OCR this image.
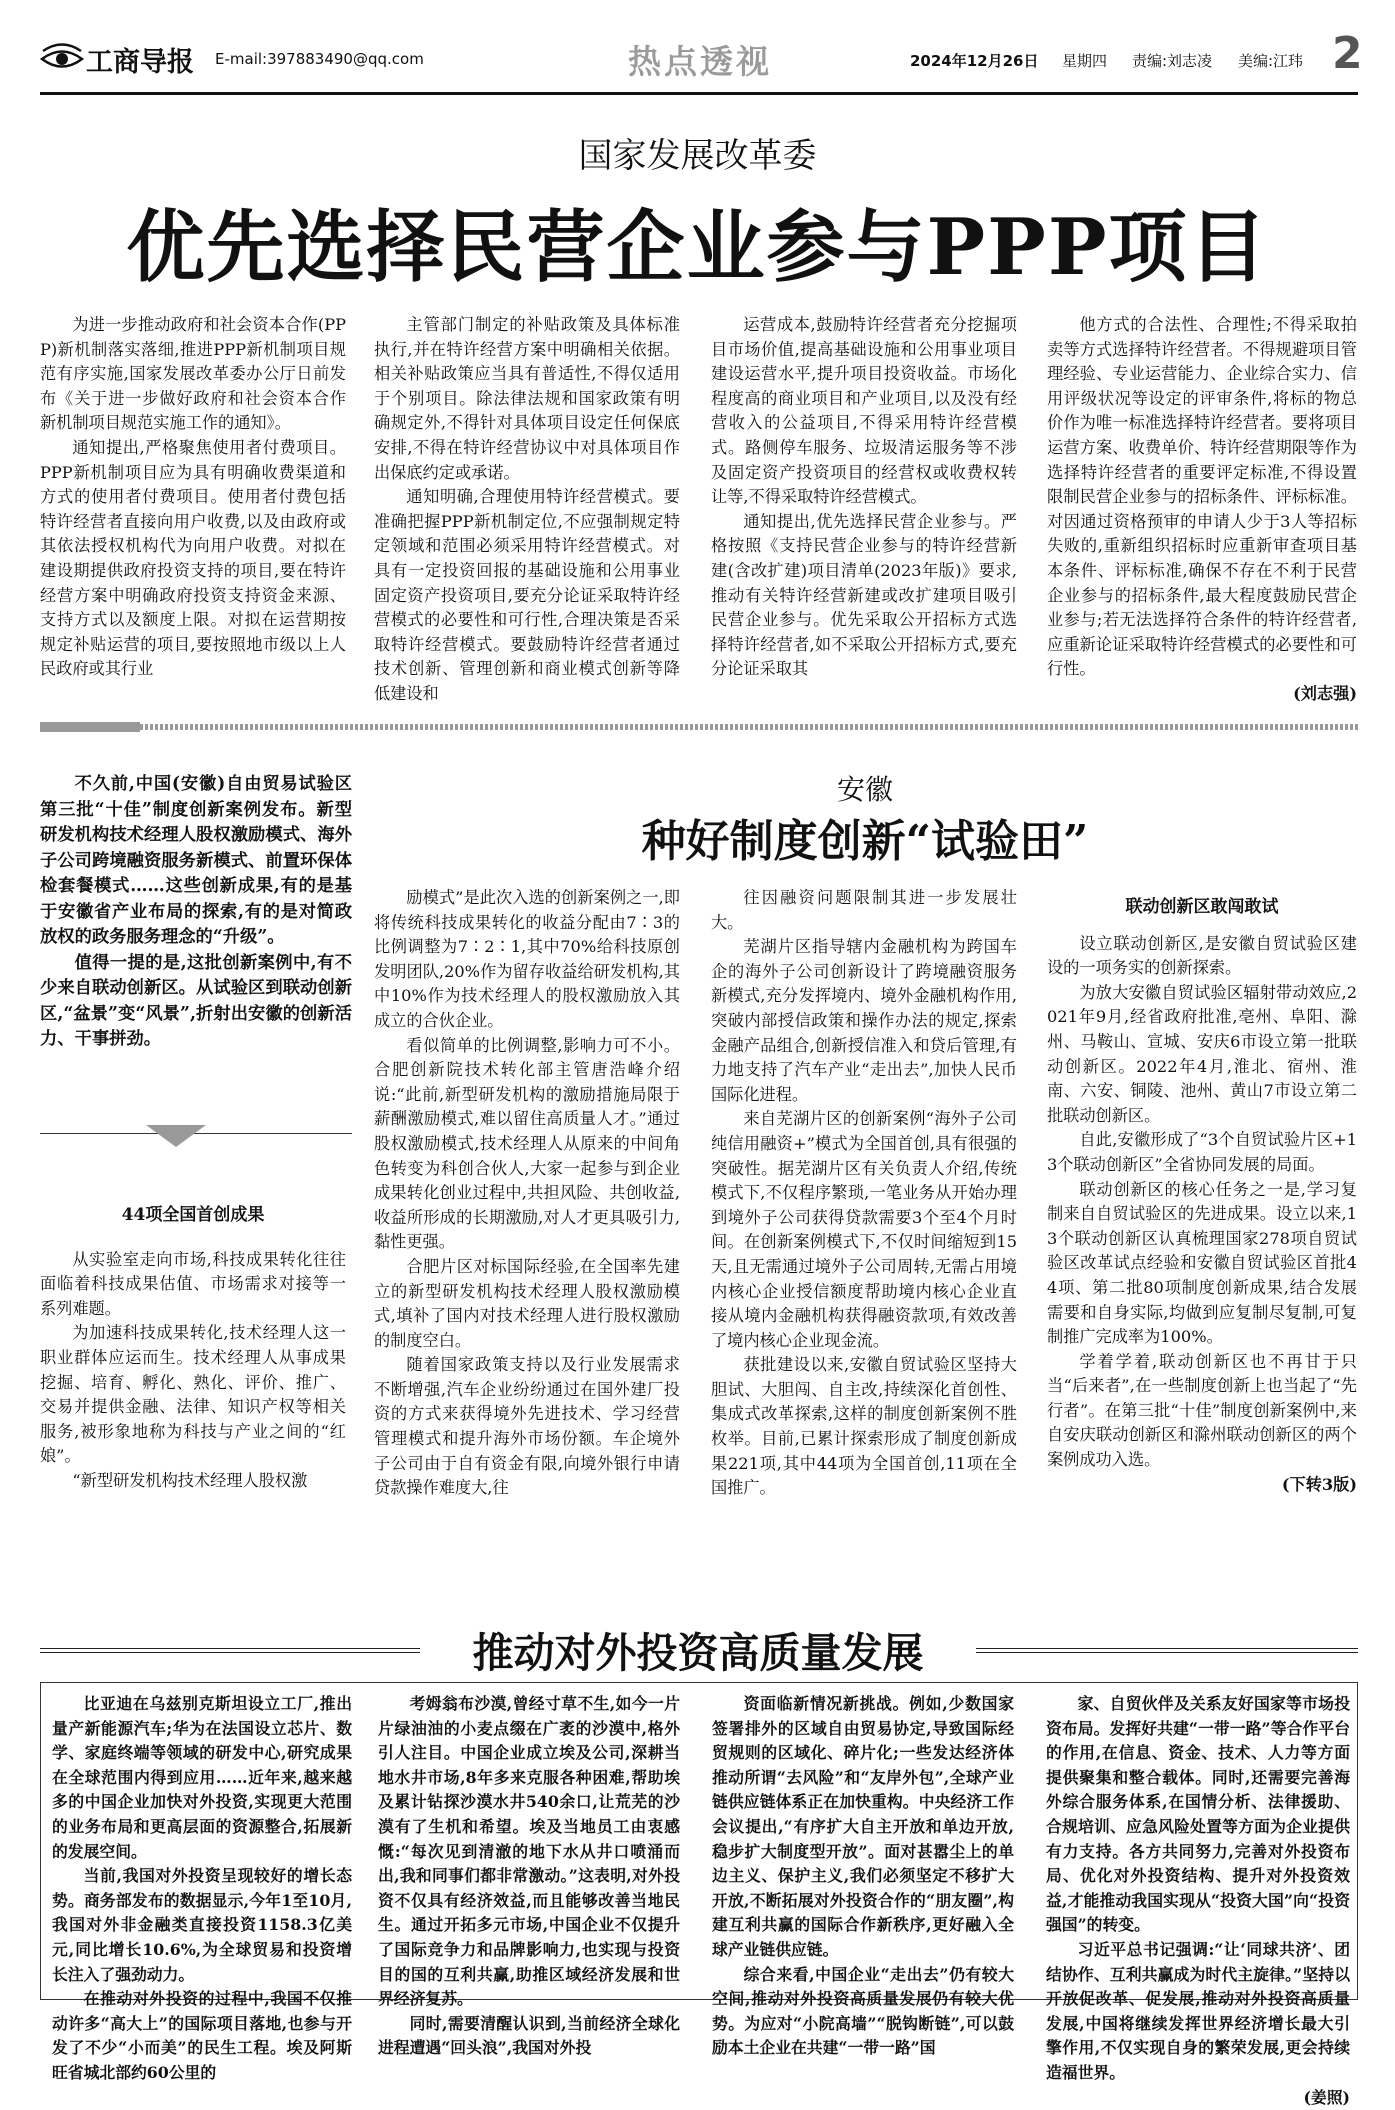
工商导报 E-mail:397883490@qq.com	热点透视	2024年12月26日 星期四 责编:刘志凌 美编:江玮 2
国家发展改革委
优先选择民营企业参与PPP项目

为进一步推动政府和社会资本合作(PPP)新机制落实落细,推进PPP新机制项目规范有序实施,国家发展改革委办公厅日前发布《关于进一步做好政府和社会资本合作新机制项目规范实施工作的通知》。

通知提出,严格聚焦使用者付费项目。PPP新机制项目应为具有明确收费渠道和方式的使用者付费项目。使用者付费包括特许经营者直接向用户收费,以及由政府或其依法授权机构代为向用户收费。对拟在建设期提供政府投资支持的项目,要在特许经营方案中明确政府投资支持资金来源、支持方式以及额度上限。对拟在运营期按规定补贴运营的项目,要按照地市级以上人民政府或其行业

主管部门制定的补贴政策及具体标准执行,并在特许经营方案中明确相关依据。相关补贴政策应当具有普适性,不得仅适用于个别项目。除法律法规和国家政策有明确规定外,不得针对具体项目设定任何保底安排,不得在特许经营协议中对具体项目作出保底约定或承诺。

通知明确,合理使用特许经营模式。要准确把握PPP新机制定位,不应强制规定特定领域和范围必须采用特许经营模式。对具有一定投资回报的基础设施和公用事业固定资产投资项目,要充分论证采取特许经营模式的必要性和可行性,合理决策是否采取特许经营模式。要鼓励特许经营者通过技术创新、管理创新和商业模式创新等降低建设和

运营成本,鼓励特许经营者充分挖掘项目市场价值,提高基础设施和公用事业项目建设运营水平,提升项目投资收益。市场化程度高的商业项目和产业项目,以及没有经营收入的公益项目,不得采用特许经营模式。路侧停车服务、垃圾清运服务等不涉及固定资产投资项目的经营权或收费权转让等,不得采取特许经营模式。

通知提出,优先选择民营企业参与。严格按照《支持民营企业参与的特许经营新建(含改扩建)项目清单(2023年版)》要求,推动有关特许经营新建或改扩建项目吸引民营企业参与。优先采取公开招标方式选择特许经营者,如不采取公开招标方式,要充分论证采取其

他方式的合法性、合理性;不得采取拍卖等方式选择特许经营者。不得规避项目管理经验、专业运营能力、企业综合实力、信用评级状况等设定的评审条件,将标的物总价作为唯一标准选择特许经营者。要将项目运营方案、收费单价、特许经营期限等作为选择特许经营者的重要评定标准,不得设置限制民营企业参与的招标条件、评标标准。对因通过资格预审的申请人少于3人等招标失败的,重新组织招标时应重新审查项目基本条件、评标标准,确保不存在不利于民营企业参与的招标条件,最大程度鼓励民营企业参与;若无法选择符合条件的特许经营者,应重新论证采取特许经营模式的必要性和可行性。

(刘志强)

不久前,中国(安徽)自由贸易试验区第三批“十佳”制度创新案例发布。新型研发机构技术经理人股权激励模式、海外子公司跨境融资服务新模式、前置环保体检套餐模式……这些创新成果,有的是基于安徽省产业布局的探索,有的是对简政放权的政务服务理念的“升级”。

值得一提的是,这批创新案例中,有不少来自联动创新区。从试验区到联动创新区,“盆景”变“风景”,折射出安徽的创新活力、干事拼劲。

安徽
种好制度创新“试验田”
44项全国首创成果

从实验室走向市场,科技成果转化往往面临着科技成果估值、市场需求对接等一系列难题。

为加速科技成果转化,技术经理人这一职业群体应运而生。技术经理人从事成果挖掘、培育、孵化、熟化、评价、推广、交易并提供金融、法律、知识产权等相关服务,被形象地称为科技与产业之间的“红娘”。

“新型研发机构技术经理人股权激

励模式”是此次入选的创新案例之一,即将传统科技成果转化的收益分配由7∶3的比例调整为7∶2∶1,其中70%给科技原创发明团队,20%作为留存收益给研发机构,其中10%作为技术经理人的股权激励放入其成立的合伙企业。

看似简单的比例调整,影响力可不小。合肥创新院技术转化部主管唐浩峰介绍说:“此前,新型研发机构的激励措施局限于薪酬激励模式,难以留住高质量人才。”通过股权激励模式,技术经理人从原来的中间角色转变为科创合伙人,大家一起参与到企业成果转化创业过程中,共担风险、共创收益,收益所形成的长期激励,对人才更具吸引力,黏性更强。

合肥片区对标国际经验,在全国率先建立的新型研发机构技术经理人股权激励模式,填补了国内对技术经理人进行股权激励的制度空白。

随着国家政策支持以及行业发展需求不断增强,汽车企业纷纷通过在国外建厂投资的方式来获得境外先进技术、学习经营管理模式和提升海外市场份额。车企境外子公司由于自有资金有限,向境外银行申请贷款操作难度大,往

往因融资问题限制其进一步发展壮大。

芜湖片区指导辖内金融机构为跨国车企的海外子公司创新设计了跨境融资服务新模式,充分发挥境内、境外金融机构作用,突破内部授信政策和操作办法的规定,探索金融产品组合,创新授信准入和贷后管理,有力地支持了汽车产业“走出去”,加快人民币国际化进程。

来自芜湖片区的创新案例“海外子公司纯信用融资+”模式为全国首创,具有很强的突破性。据芜湖片区有关负责人介绍,传统模式下,不仅程序繁琐,一笔业务从开始办理到境外子公司获得贷款需要3个至4个月时间。在创新案例模式下,不仅时间缩短到15天,且无需通过境外子公司周转,无需占用境内核心企业授信额度帮助境内核心企业直接从境内金融机构获得融资款项,有效改善了境内核心企业现金流。

获批建设以来,安徽自贸试验区坚持大胆试、大胆闯、自主改,持续深化首创性、集成式改革探索,这样的制度创新案例不胜枚举。目前,已累计探索形成了制度创新成果221项,其中44项为全国首创,11项在全国推广。

联动创新区敢闯敢试

设立联动创新区,是安徽自贸试验区建设的一项务实的创新探索。

为放大安徽自贸试验区辐射带动效应,2021年9月,经省政府批准,亳州、阜阳、滁州、马鞍山、宣城、安庆6市设立第一批联动创新区。2022年4月,淮北、宿州、淮南、六安、铜陵、池州、黄山7市设立第二批联动创新区。

自此,安徽形成了“3个自贸试验片区+13个联动创新区”全省协同发展的局面。

联动创新区的核心任务之一是,学习复制来自自贸试验区的先进成果。设立以来,13个联动创新区认真梳理国家278项自贸试验区改革试点经验和安徽自贸试验区首批44项、第二批80项制度创新成果,结合发展需要和自身实际,均做到应复制尽复制,可复制推广完成率为100%。

学着学着,联动创新区也不再甘于只当“后来者”,在一些制度创新上也当起了“先行者”。在第三批“十佳”制度创新案例中,来自安庆联动创新区和滁州联动创新区的两个案例成功入选。

(下转3版)

推动对外投资高质量发展

比亚迪在乌兹别克斯坦设立工厂,推出量产新能源汽车;华为在法国设立芯片、数学、家庭终端等领域的研发中心,研究成果在全球范围内得到应用……近年来,越来越多的中国企业加快对外投资,实现更大范围的业务布局和更高层面的资源整合,拓展新的发展空间。

当前,我国对外投资呈现较好的增长态势。商务部发布的数据显示,今年1至10月,我国对外非金融类直接投资1158.3亿美元,同比增长10.6%,为全球贸易和投资增长注入了强劲动力。

在推动对外投资的过程中,我国不仅推动许多“高大上”的国际项目落地,也参与开发了不少“小而美”的民生工程。埃及阿斯旺省城北部约60公里的

考姆翁布沙漠,曾经寸草不生,如今一片片绿油油的小麦点缀在广袤的沙漠中,格外引人注目。中国企业成立埃及公司,深耕当地水井市场,8年多来克服各种困难,帮助埃及累计钻探沙漠水井540余口,让荒芜的沙漠有了生机和希望。埃及当地员工由衷感慨:“每次见到清澈的地下水从井口喷涌而出,我和同事们都非常激动。”这表明,对外投资不仅具有经济效益,而且能够改善当地民生。通过开拓多元市场,中国企业不仅提升了国际竞争力和品牌影响力,也实现与投资目的国的互利共赢,助推区域经济发展和世界经济复苏。

同时,需要清醒认识到,当前经济全球化进程遭遇“回头浪”,我国对外投

资面临新情况新挑战。例如,少数国家签署排外的区域自由贸易协定,导致国际经贸规则的区域化、碎片化;一些发达经济体推动所谓“去风险”和“友岸外包”,全球产业链供应链体系正在加快重构。中央经济工作会议提出,“有序扩大自主开放和单边开放,稳步扩大制度型开放”。面对甚嚣尘上的单边主义、保护主义,我们必须坚定不移扩大开放,不断拓展对外投资合作的“朋友圈”,构建互利共赢的国际合作新秩序,更好融入全球产业链供应链。

综合来看,中国企业“走出去”仍有较大空间,推动对外投资高质量发展仍有较大优势。为应对“小院高墙”“脱钩断链”,可以鼓励本土企业在共建“一带一路”国

家、自贸伙伴及关系友好国家等市场投资布局。发挥好共建“一带一路”等合作平台的作用,在信息、资金、技术、人力等方面提供聚集和整合载体。同时,还需要完善海外综合服务体系,在国情分析、法律援助、合规培训、应急风险处置等方面为企业提供有力支持。各方共同努力,完善对外投资布局、优化对外投资结构、提升对外投资效益,才能推动我国实现从“投资大国”向“投资强国”的转变。

习近平总书记强调:“让‘同球共济’、团结协作、互利共赢成为时代主旋律。”坚持以开放促改革、促发展,推动对外投资高质量发展,中国将继续发挥世界经济增长最大引擎作用,不仅实现自身的繁荣发展,更会持续造福世界。

(姜照)
